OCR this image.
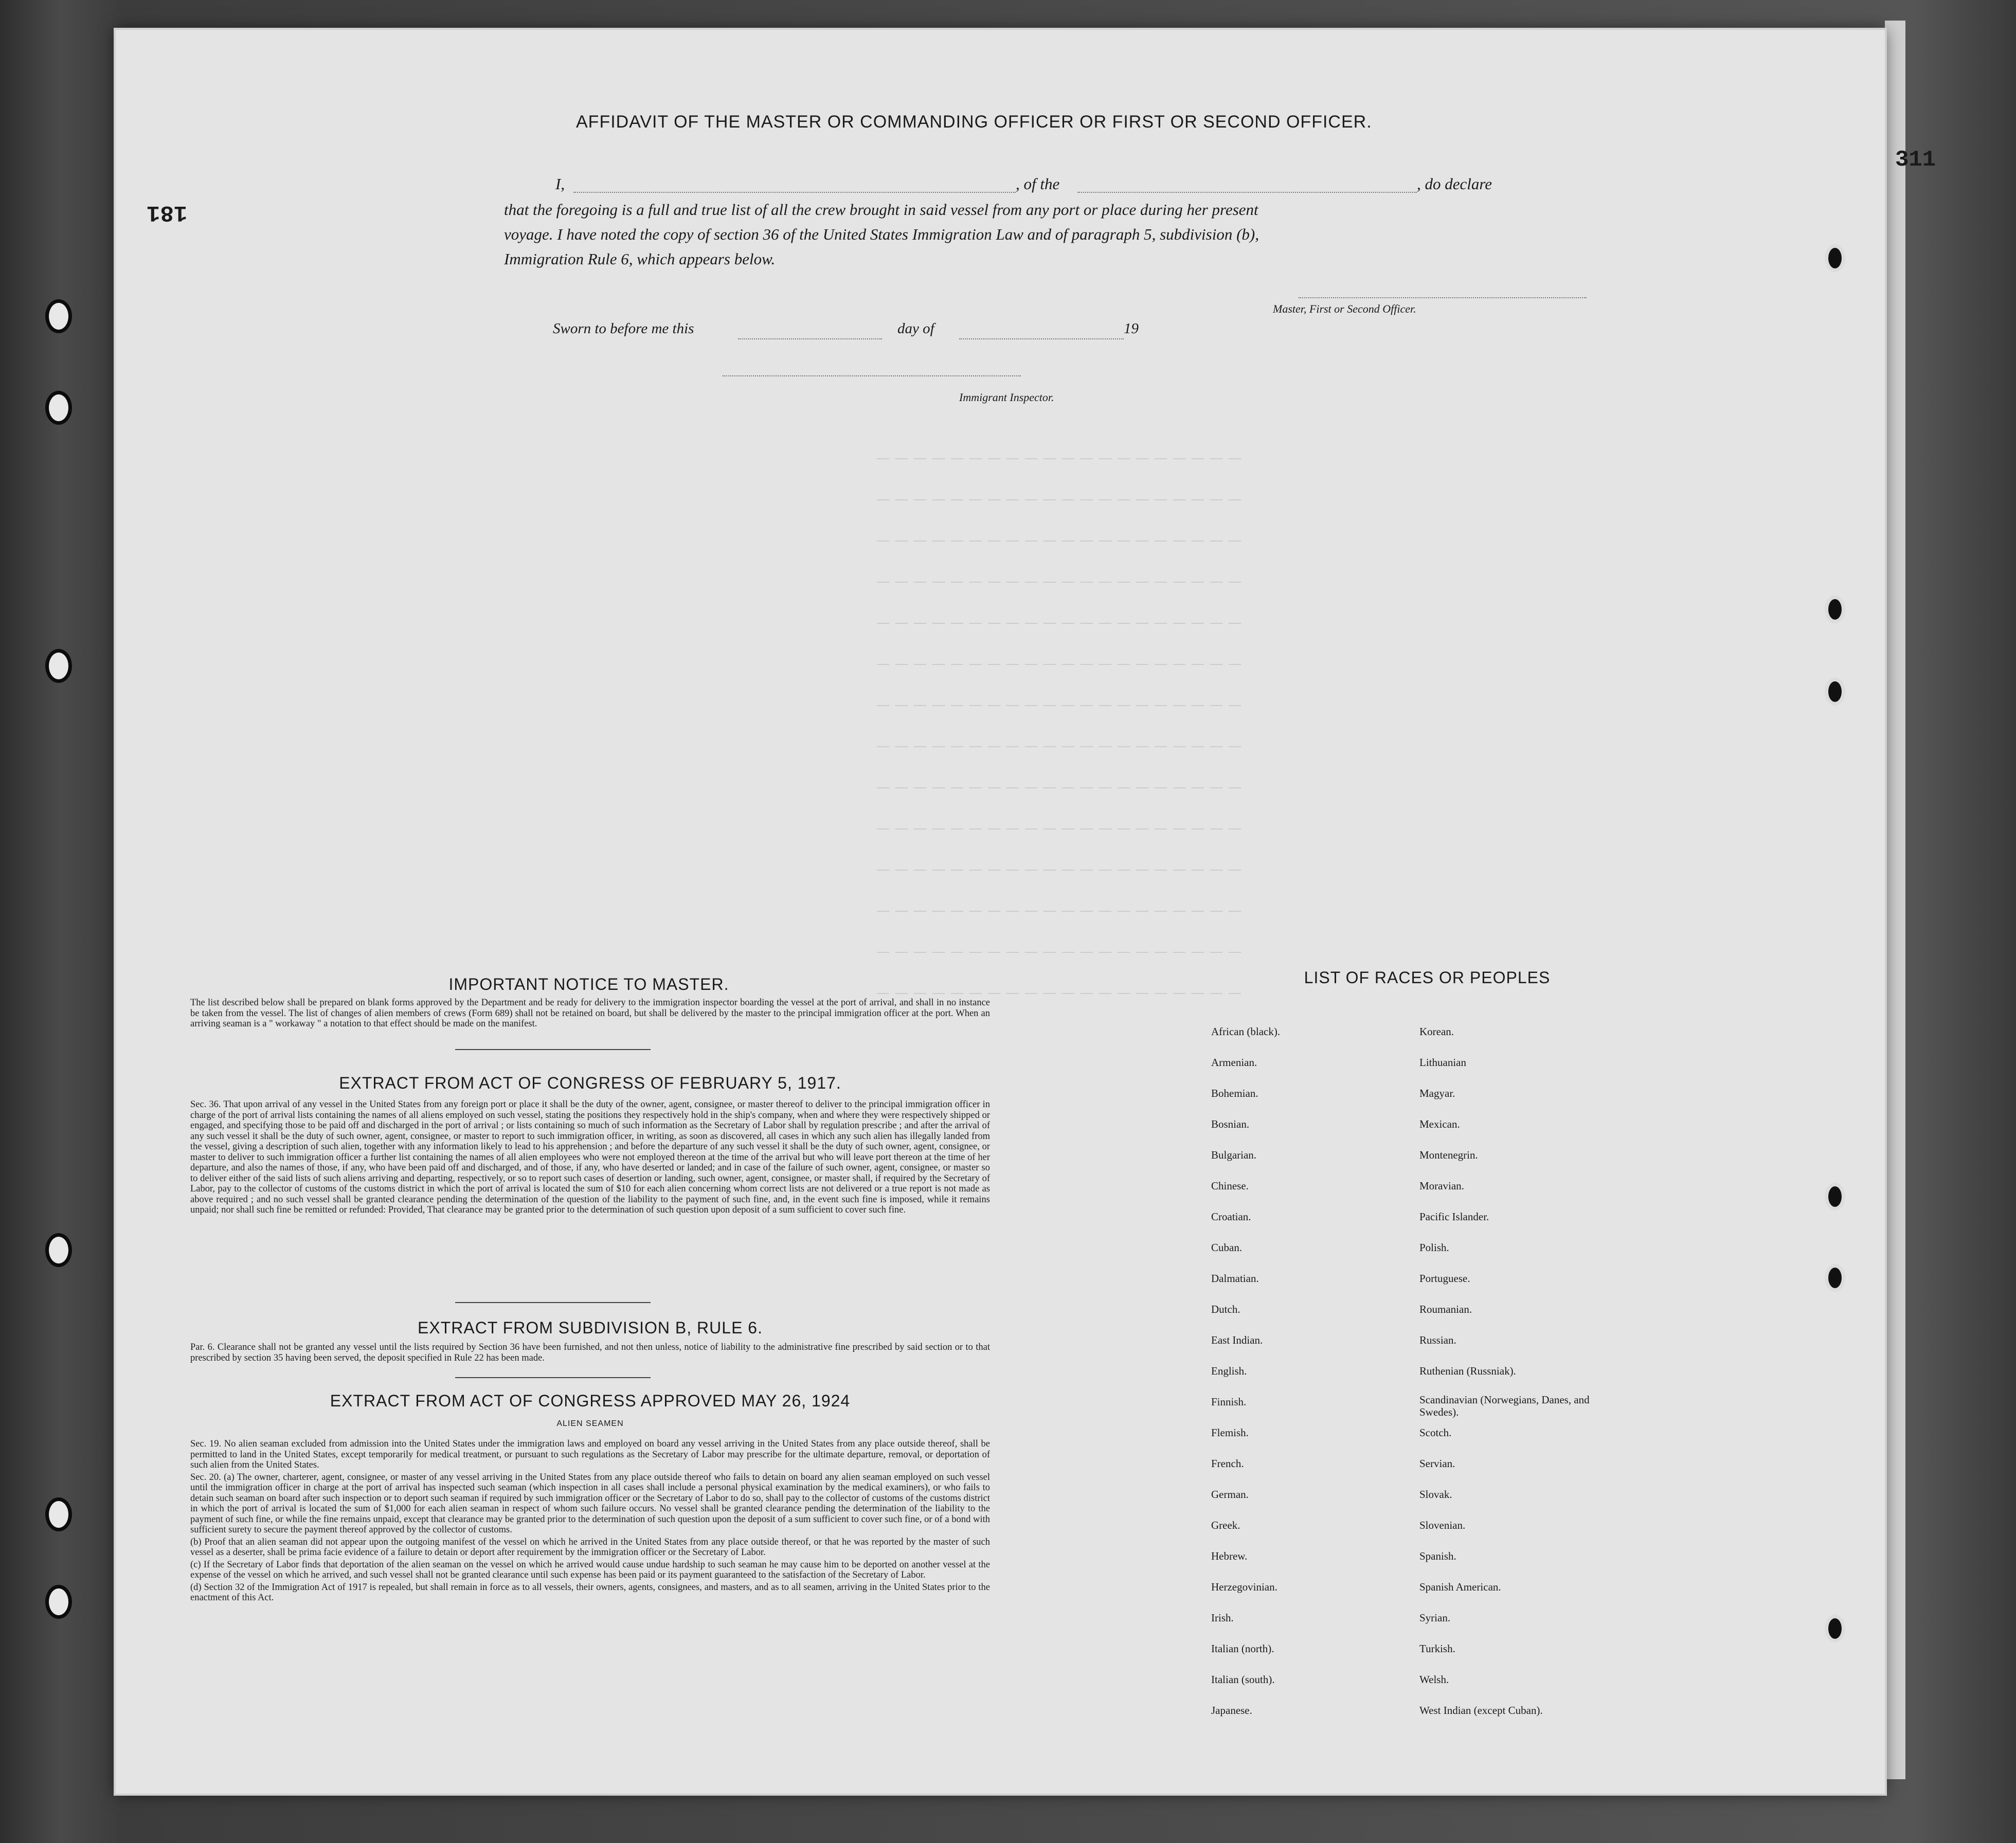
— — — — — — — — — — — — — — — — — — — —
— — — — — — — — — — — — — — — — — — — —
— — — — — — — — — — — — — — — — — — — —
— — — — — — — — — — — — — — — — — — — —
— — — — — — — — — — — — — — — — — — — —
— — — — — — — — — — — — — — — — — — — —
— — — — — — — — — — — — — — — — — — — —
— — — — — — — — — — — — — — — — — — — —
— — — — — — — — — — — — — — — — — — — —
— — — — — — — — — — — — — — — — — — — —
— — — — — — — — — — — — — — — — — — — —
— — — — — — — — — — — — — — — — — — — —
— — — — — — — — — — — — — — — — — — — —
— — — — — — — — — — — — — — — — — — — —
181
311
AFFIDAVIT OF THE MASTER OR COMMANDING OFFICER OR FIRST OR SECOND OFFICER.
I,	, of the	, do declare
that the foregoing is a full and true list of all the crew brought in said vessel from any port or place during her present
voyage. I have noted the copy of section 36 of the United States Immigration Law and of paragraph 5, subdivision (b),
Immigration Rule 6, which appears below.
Master, First or Second Officer.
Sworn to before me this	day of	19
Immigrant Inspector.
IMPORTANT NOTICE TO MASTER.
The list described below shall be prepared on blank forms approved by the Department and be ready for delivery to the immigration inspector boarding the vessel at the port of arrival, and shall in no instance be taken from the vessel. The list of changes of alien members of crews (Form 689) shall not be retained on board, but shall be delivered by the master to the principal immigration officer at the port. When an arriving seaman is a " workaway " a notation to that effect should be made on the manifest.
EXTRACT FROM ACT OF CONGRESS OF FEBRUARY 5, 1917.
Sec. 36. That upon arrival of any vessel in the United States from any foreign port or place it shall be the duty of the owner, agent, consignee, or master thereof to deliver to the principal immigration officer in charge of the port of arrival lists containing the names of all aliens employed on such vessel, stating the positions they respectively hold in the ship's company, when and where they were respectively shipped or engaged, and specifying those to be paid off and discharged in the port of arrival ; or lists containing so much of such information as the Secretary of Labor shall by regulation prescribe ; and after the arrival of any such vessel it shall be the duty of such owner, agent, consignee, or master to report to such immigration officer, in writing, as soon as discovered, all cases in which any such alien has illegally landed from the vessel, giving a description of such alien, together with any information likely to lead to his apprehension ; and before the departure of any such vessel it shall be the duty of such owner, agent, consignee, or master to deliver to such immigration officer a further list containing the names of all alien employees who were not employed thereon at the time of the arrival but who will leave port thereon at the time of her departure, and also the names of those, if any, who have been paid off and discharged, and of those, if any, who have deserted or landed; and in case of the failure of such owner, agent, consignee, or master so to deliver either of the said lists of such aliens arriving and departing, respectively, or so to report such cases of desertion or landing, such owner, agent, consignee, or master shall, if required by the Secretary of Labor, pay to the collector of customs of the customs district in which the port of arrival is located the sum of $10 for each alien concerning whom correct lists are not delivered or a true report is not made as above required ; and no such vessel shall be granted clearance pending the determination of the question of the liability to the payment of such fine, and, in the event such fine is imposed, while it remains unpaid; nor shall such fine be remitted or refunded: Provided, That clearance may be granted prior to the determination of such question upon deposit of a sum sufficient to cover such fine.
EXTRACT FROM SUBDIVISION B, RULE 6.
Par. 6. Clearance shall not be granted any vessel until the lists required by Section 36 have been furnished, and not then unless, notice of liability to the administrative fine prescribed by said section or to that prescribed by section 35 having been served, the deposit specified in Rule 22 has been made.
EXTRACT FROM ACT OF CONGRESS APPROVED MAY 26, 1924
ALIEN SEAMEN

Sec. 19. No alien seaman excluded from admission into the United States under the immigration laws and employed on board any vessel arriving in the United States from any place outside thereof, shall be permitted to land in the United States, except temporarily for medical treatment, or pursuant to such regulations as the Secretary of Labor may prescribe for the ultimate departure, removal, or deportation of such alien from the United States.

Sec. 20. (a) The owner, charterer, agent, consignee, or master of any vessel arriving in the United States from any place outside thereof who fails to detain on board any alien seaman employed on such vessel until the immigration officer in charge at the port of arrival has inspected such seaman (which inspection in all cases shall include a personal physical examination by the medical examiners), or who fails to detain such seaman on board after such inspection or to deport such seaman if required by such immigration officer or the Secretary of Labor to do so, shall pay to the collector of customs of the customs district in which the port of arrival is located the sum of $1,000 for each alien seaman in respect of whom such failure occurs. No vessel shall be granted clearance pending the determination of the liability to the payment of such fine, or while the fine remains unpaid, except that clearance may be granted prior to the determination of such question upon the deposit of a sum sufficient to cover such fine, or of a bond with sufficient surety to secure the payment thereof approved by the collector of customs.

(b) Proof that an alien seaman did not appear upon the outgoing manifest of the vessel on which he arrived in the United States from any place outside thereof, or that he was reported by the master of such vessel as a deserter, shall be prima facie evidence of a failure to detain or deport after requirement by the immigration officer or the Secretary of Labor.

(c) If the Secretary of Labor finds that deportation of the alien seaman on the vessel on which he arrived would cause undue hardship to such seaman he may cause him to be deported on another vessel at the expense of the vessel on which he arrived, and such vessel shall not be granted clearance until such expense has been paid or its payment guaranteed to the satisfaction of the Secretary of Labor.

(d) Section 32 of the Immigration Act of 1917 is repealed, but shall remain in force as to all vessels, their owners, agents, consignees, and masters, and as to all seamen, arriving in the United States prior to the enactment of this Act.

LIST OF RACES OR PEOPLES
African (black).
Armenian.
Bohemian.
Bosnian.
Bulgarian.
Chinese.
Croatian.
Cuban.
Dalmatian.
Dutch.
East Indian.
English.
Finnish.
Flemish.
French.
German.
Greek.
Hebrew.
Herzegovinian.
Irish.
Italian (north).
Italian (south).
Japanese.
Korean.
Lithuanian
Magyar.
Mexican.
Montenegrin.
Moravian.
Pacific Islander.
Polish.
Portuguese.
Roumanian.
Russian.
Ruthenian (Russniak).
Scandinavian (Norwegians, Danes, and Swedes).
Scotch.
Servian.
Slovak.
Slovenian.
Spanish.
Spanish American.
Syrian.
Turkish.
Welsh.
West Indian (except Cuban).
